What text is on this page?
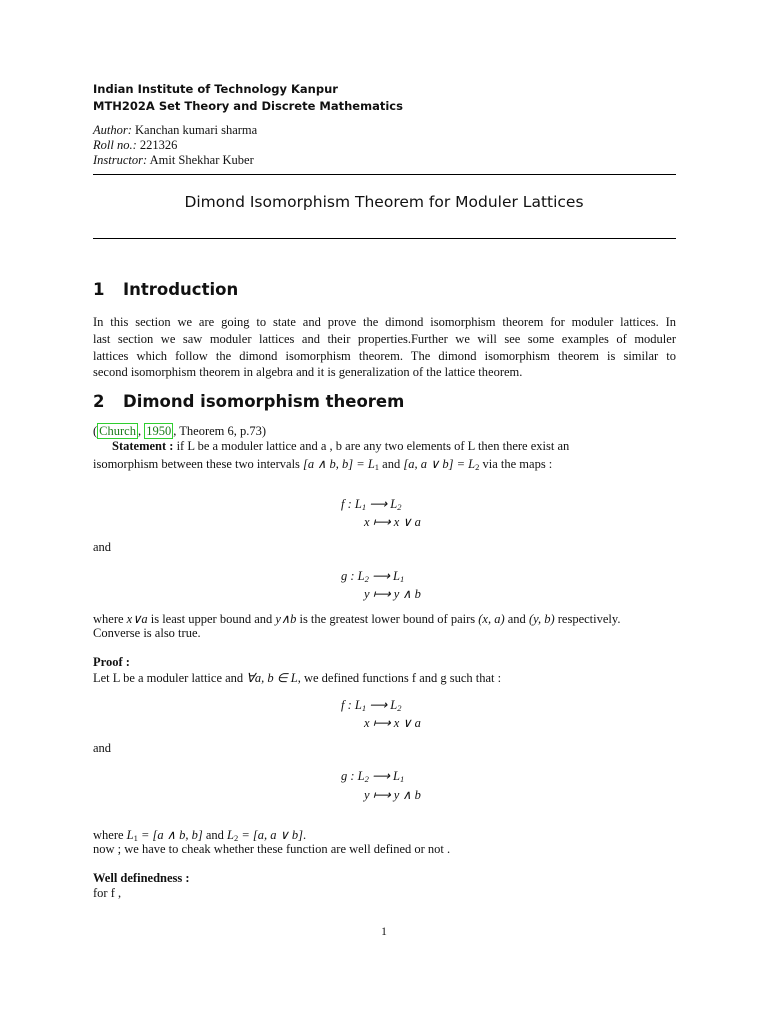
Indian Institute of Technology Kanpur
MTH202A Set Theory and Discrete Mathematics
Author: Kanchan kumari sharma
Roll no.: 221326
Instructor: Amit Shekhar Kuber
Dimond Isomorphism Theorem for Moduler Lattices
1 Introduction
In this section we are going to state and prove the dimond isomorphism theorem for moduler lattices. In
last section we saw moduler lattices and their properties.Further we will see some examples of moduler
lattices which follow the dimond isomorphism theorem. The dimond isomorphism theorem is similar to
second isomorphism theorem in algebra and it is generalization of the lattice theorem.
2 Dimond isomorphism theorem
( Church , 1950 , Theorem 6, p.73)
Statement : if L be a moduler lattice and a , b are any two elements of L then there exist an
isomorphism between these two intervals [a ∧ b, $b] = L_1$ and [a, a ∨ $b] = L_2$ via the maps :
f : $L_1$ ⟶ $L_2$
x ⟼ x ∨ a
and
g : $L_2$ ⟶ $L_1$
y ⟼ y ∧ b
where x∨a is least upper bound and y∧b is the greatest lower bound of pairs (x, a) and (y, b) respectively.
Converse is also true.
Proof :
Let L be a moduler lattice and ∀a, b ∈ L, we defined functions f and g such that :
f : $L_1$ ⟶ $L_2$
x ⟼ x ∨ a
and
g : $L_2$ ⟶ $L_1$
y ⟼ y ∧ b
where $L_1 = [a$ ∧ b, b] and $L_2 = [a$, a ∨ b].
now ; we have to cheak whether these function are well defined or not .
Well definedness :
for f ,
1
